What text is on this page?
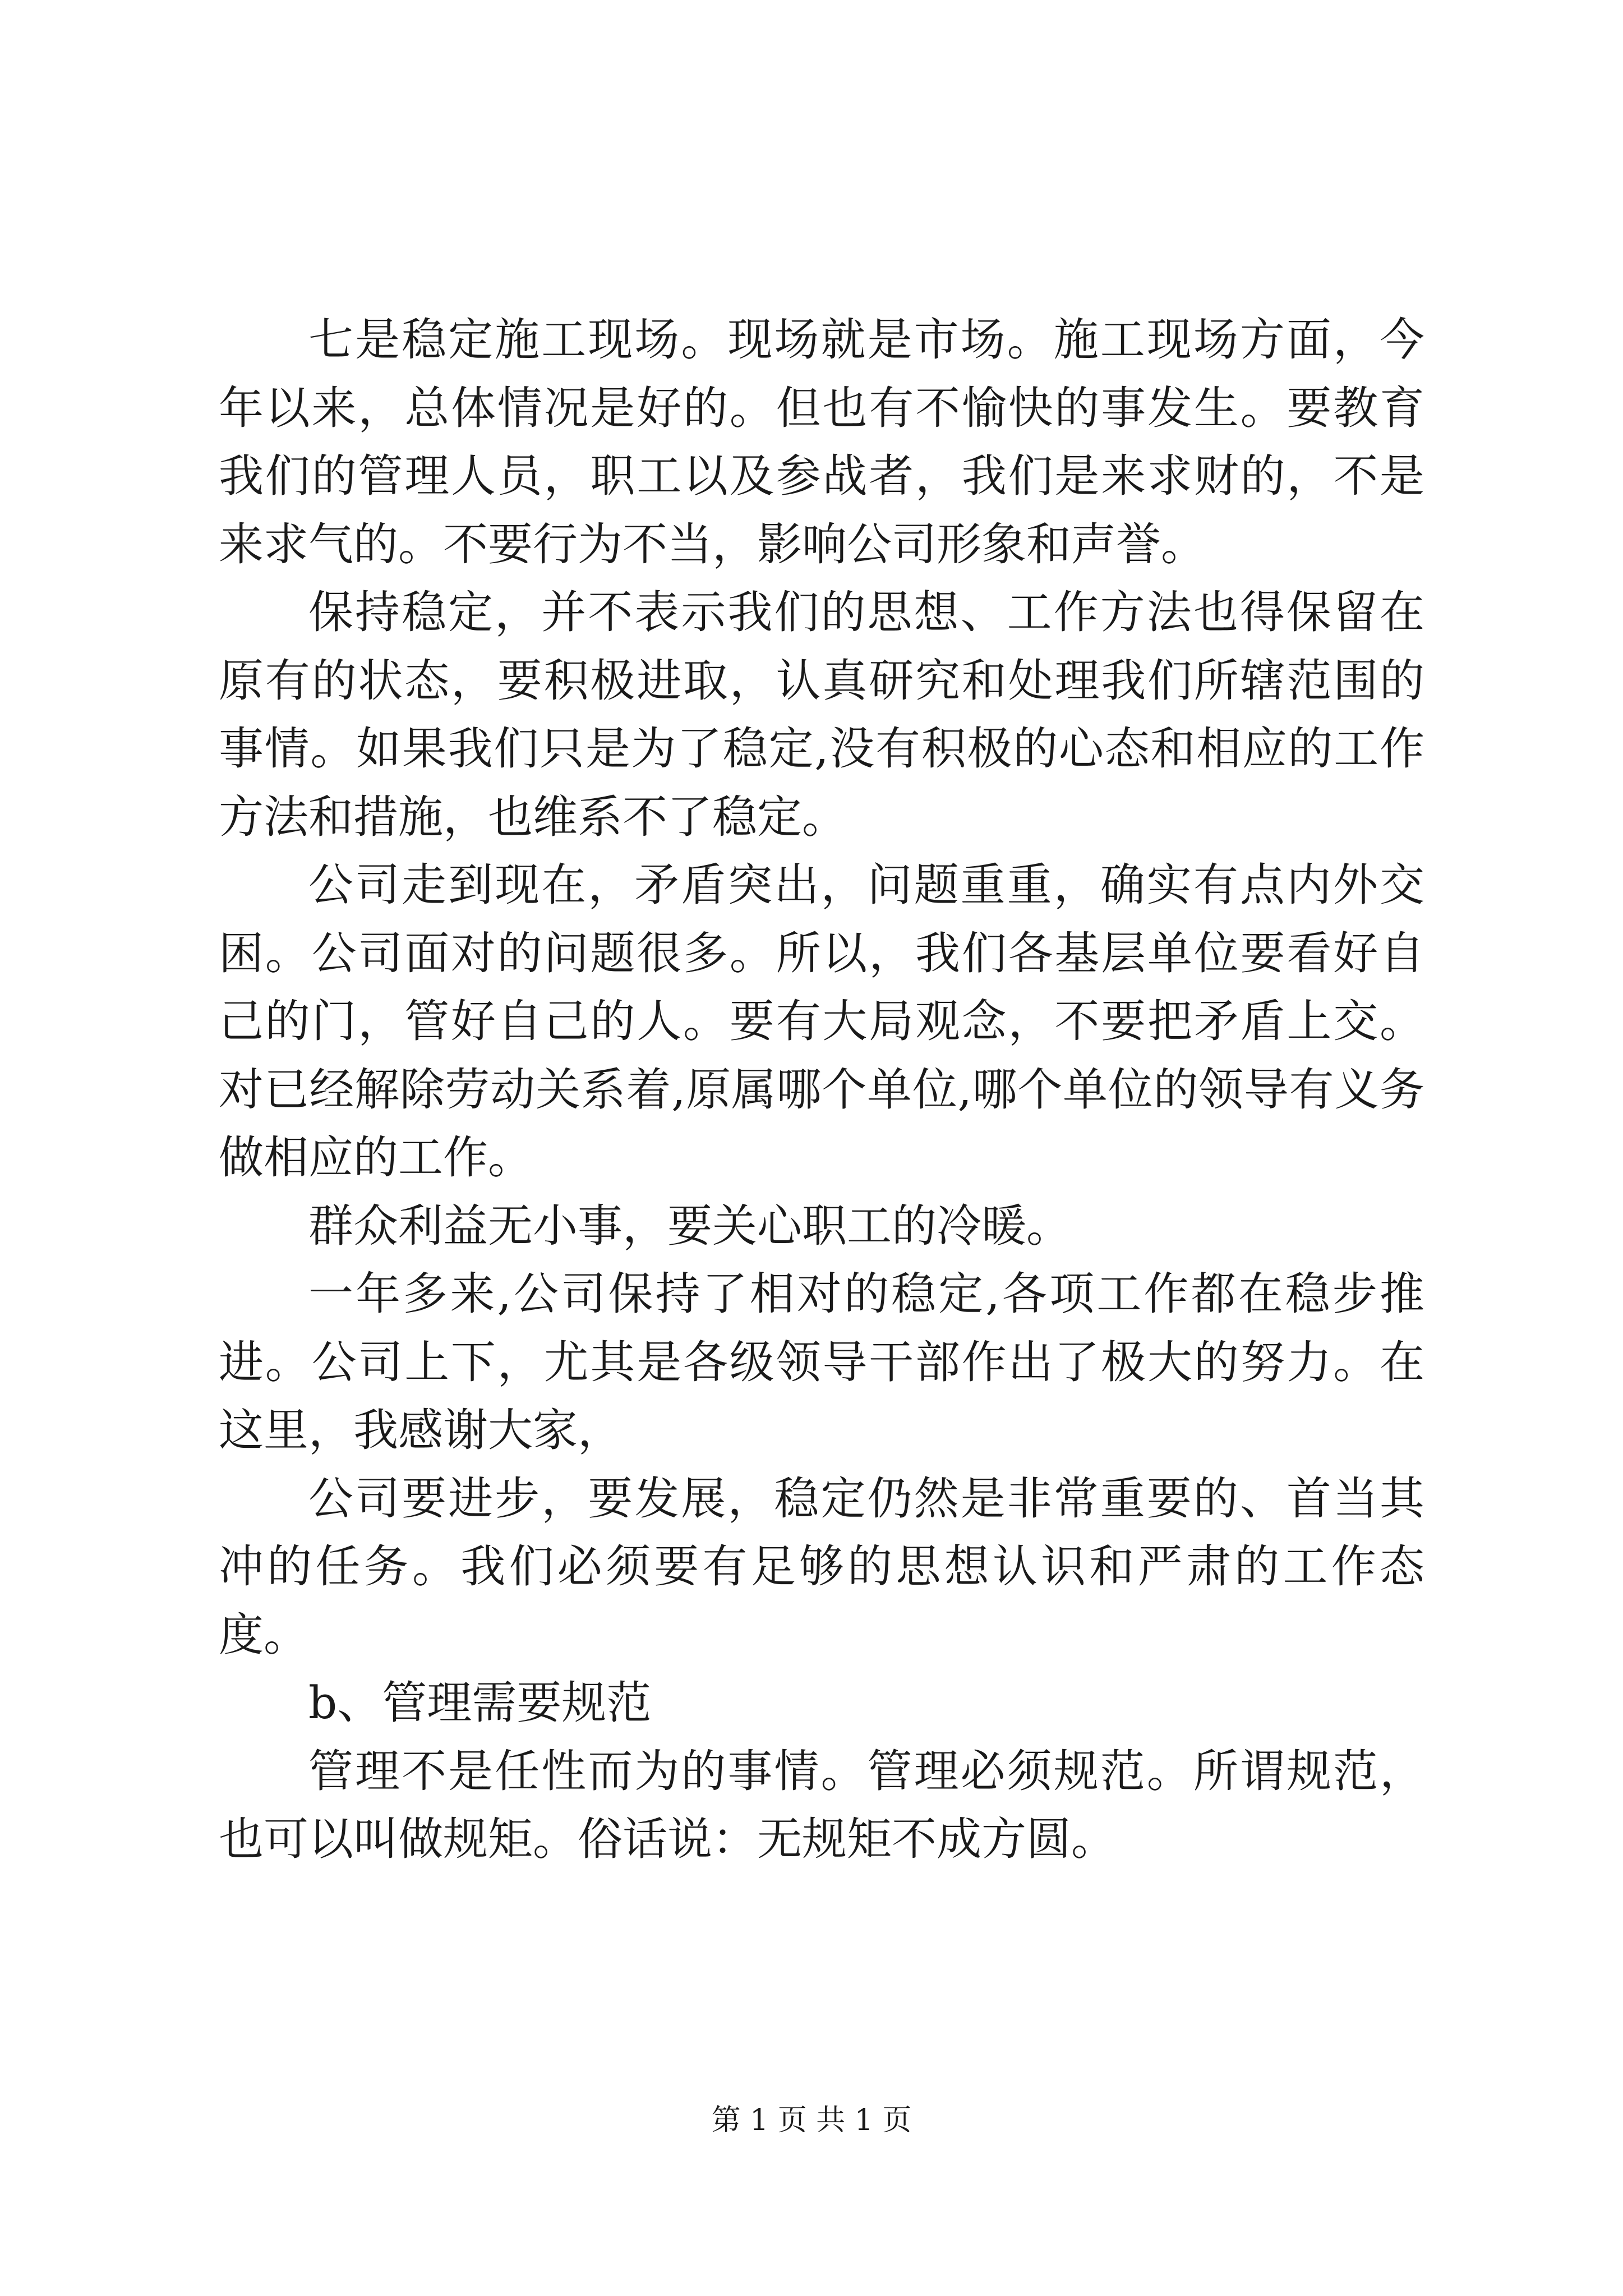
七是稳定施工现场。现场就是市场。施工现场方面，今年以来，总体情况是好的。但也有不愉快的事发生。要教育我们的管理人员，职工以及参战者，我们是来求财的，不是来求气的。不要行为不当，影响公司形象和声誉。

保持稳定，并不表示我们的思想、工作方法也得保留在原有的状态，要积极进取，认真研究和处理我们所辖范围的事情。如果我们只是为了稳定,没有积极的心态和相应的工作方法和措施，也维系不了稳定。

公司走到现在，矛盾突出，问题重重，确实有点内外交困。公司面对的问题很多。所以，我们各基层单位要看好自己的门，管好自己的人。要有大局观念，不要把矛盾上交。对已经解除劳动关系着,原属哪个单位,哪个单位的领导有义务做相应的工作。

群众利益无小事，要关心职工的冷暖。

一年多来,公司保持了相对的稳定,各项工作都在稳步推进。公司上下，尤其是各级领导干部作出了极大的努力。在这里，我感谢大家，

公司要进步，要发展，稳定仍然是非常重要的、首当其冲的任务。我们必须要有足够的思想认识和严肃的工作态度。

b、管理需要规范

管理不是任性而为的事情。管理必须规范。所谓规范，也可以叫做规矩。俗话说：无规矩不成方圆。

第 1 页 共 1 页
